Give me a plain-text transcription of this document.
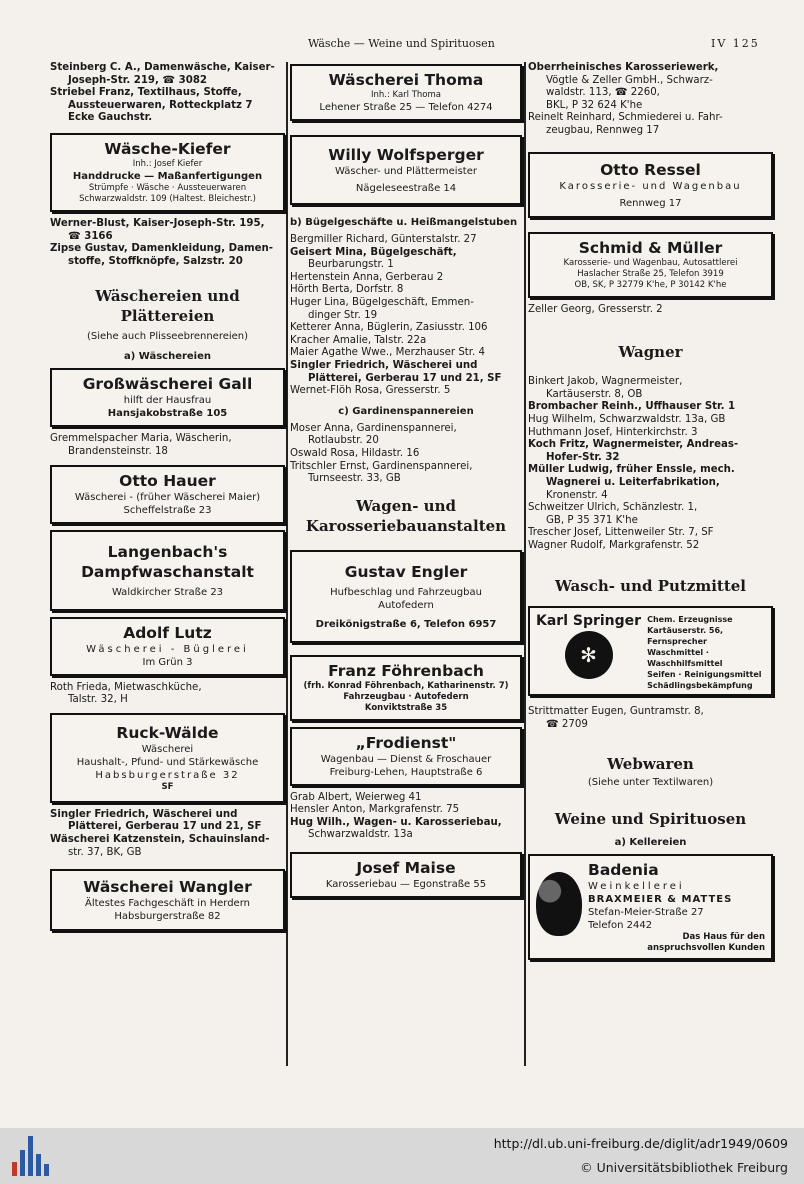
Wäsche — Weine und Spirituosen	IV 125

Steinberg C. A., Damenwäsche, Kaiser-
Joseph-Str. 219, ☎ 3082

Striebel Franz, Textilhaus, Stoffe,
Aussteuerwaren, Rotteckplatz 7
Ecke Gauchstr.

Wäsche-Kiefer
Inh.: Josef Kiefer
Handdrucke — Maßanfertigungen
Strümpfe · Wäsche · Aussteuerwaren
Schwarzwaldstr. 109 (Haltest. Bleichestr.)

Werner-Blust, Kaiser-Joseph-Str. 195,
☎ 3166

Zipse Gustav, Damenkleidung, Damen-
stoffe, Stoffknöpfe, Salzstr. 20

Wäschereien und Plättereien
(Siehe auch Plisseebrennereien)
a) Wäschereien
Großwäscherei Gall
hilft der Hausfrau
Hansjakobstraße 105

Gremmelspacher Maria, Wäscherin,
Brandensteinstr. 18

Otto Hauer
Wäscherei - (früher Wäscherei Maier)
Scheffelstraße 23
Langenbach's
Dampfwaschanstalt
Waldkircher Straße 23
Adolf Lutz
Wäscherei - Büglerei
Im Grün 3

Roth Frieda, Mietwaschküche,
Talstr. 32, H

Ruck-Wälde
Wäscherei
Haushalt-, Pfund- und Stärkewäsche
Habsburgerstraße 32
SF

Singler Friedrich, Wäscherei und
Plätterei, Gerberau 17 und 21, SF

Wäscherei Katzenstein, Schauinsland-
str. 37, BK, GB

Wäscherei Wangler
Ältestes Fachgeschäft in Herdern
Habsburgerstraße 82
Wäscherei Thoma
Inh.: Karl Thoma
Lehener Straße 25 — Telefon 4274
Willy Wolfsperger
Wäscher- und Plättermeister
Nägeleseestraße 14
b) Bügelgeschäfte u. Heißmangelstuben

Bergmiller Richard, Günterstalstr. 27

Geisert Mina, Bügelgeschäft,
Beurbarungstr. 1

Hertenstein Anna, Gerberau 2

Hörth Berta, Dorfstr. 8

Huger Lina, Bügelgeschäft, Emmen-
dinger Str. 19

Ketterer Anna, Büglerin, Zasiusstr. 106

Kracher Amalie, Talstr. 22a

Maier Agathe Wwe., Merzhauser Str. 4

Singler Friedrich, Wäscherei und
Plätterei, Gerberau 17 und 21, SF

Wernet-Flöh Rosa, Gresserstr. 5

c) Gardinenspannereien

Moser Anna, Gardinenspannerei,
Rotlaubstr. 20

Oswald Rosa, Hildastr. 16

Tritschler Ernst, Gardinenspannerei,
Turnseestr. 33, GB

Wagen- und
Karosseriebauanstalten
Gustav Engler
Hufbeschlag und Fahrzeugbau
Autofedern
Dreikönigstraße 6, Telefon 6957
Franz Föhrenbach
(frh. Konrad Föhrenbach, Katharinenstr. 7)
Fahrzeugbau · Autofedern
Konviktstraße 35
„Frodienst"
Wagenbau — Dienst & Froschauer
Freiburg-Lehen, Hauptstraße 6

Grab Albert, Weierweg 41

Hensler Anton, Markgrafenstr. 75

Hug Wilh., Wagen- u. Karosseriebau,
Schwarzwaldstr. 13a

Josef Maise
Karosseriebau — Egonstraße 55

Oberrheinisches Karosseriewerk,
Vögtle & Zeller GmbH., Schwarz-
waldstr. 113, ☎ 2260,
BKL, P 32 624 K'he

Reinelt Reinhard, Schmiederei u. Fahr-
zeugbau, Rennweg 17

Otto Ressel
Karosserie- und Wagenbau
Rennweg 17
Schmid & Müller
Karosserie- und Wagenbau, Autosattlerei
Haslacher Straße 25, Telefon 3919
OB, SK, P 32779 K'he, P 30142 K'he

Zeller Georg, Gresserstr. 2

Wagner

Binkert Jakob, Wagnermeister,
Kartäuserstr. 8, OB

Brombacher Reinh., Uffhauser Str. 1

Hug Wilhelm, Schwarzwaldstr. 13a, GB

Huthmann Josef, Hinterkirchstr. 3

Koch Fritz, Wagnermeister, Andreas-
Hofer-Str. 32

Müller Ludwig, früher Ensslе, mech.
Wagnerei u. Leiterfabrikation,
Kronenstr. 4

Schweitzer Ulrich, Schänzlestr. 1,
GB, P 35 371 K'he

Trescher Josef, Littenweiler Str. 7, SF

Wagner Rudolf, Markgrafenstr. 52

Wasch- und Putzmittel
Karl Springer
✻
Chem. Erzeugnisse
Kartäuserstr. 56, Fernsprecher
Waschmittel · Waschhilfsmittel
Seifen · Reinigungsmittel
Schädlingsbekämpfung

Strittmatter Eugen, Guntramstr. 8,
☎ 2709

Webwaren
(Siehe unter Textilwaren)
Weine und Spirituosen
a) Kellereien
Badenia
Weinkellerei
BRAXMEIER & MATTES
Stefan-Meier-Straße 27
Telefon 2442
Das Haus für den
anspruchsvollen Kunden
http://dl.ub.uni-freiburg.de/diglit/adr1949/0609
© Universitätsbibliothek Freiburg
